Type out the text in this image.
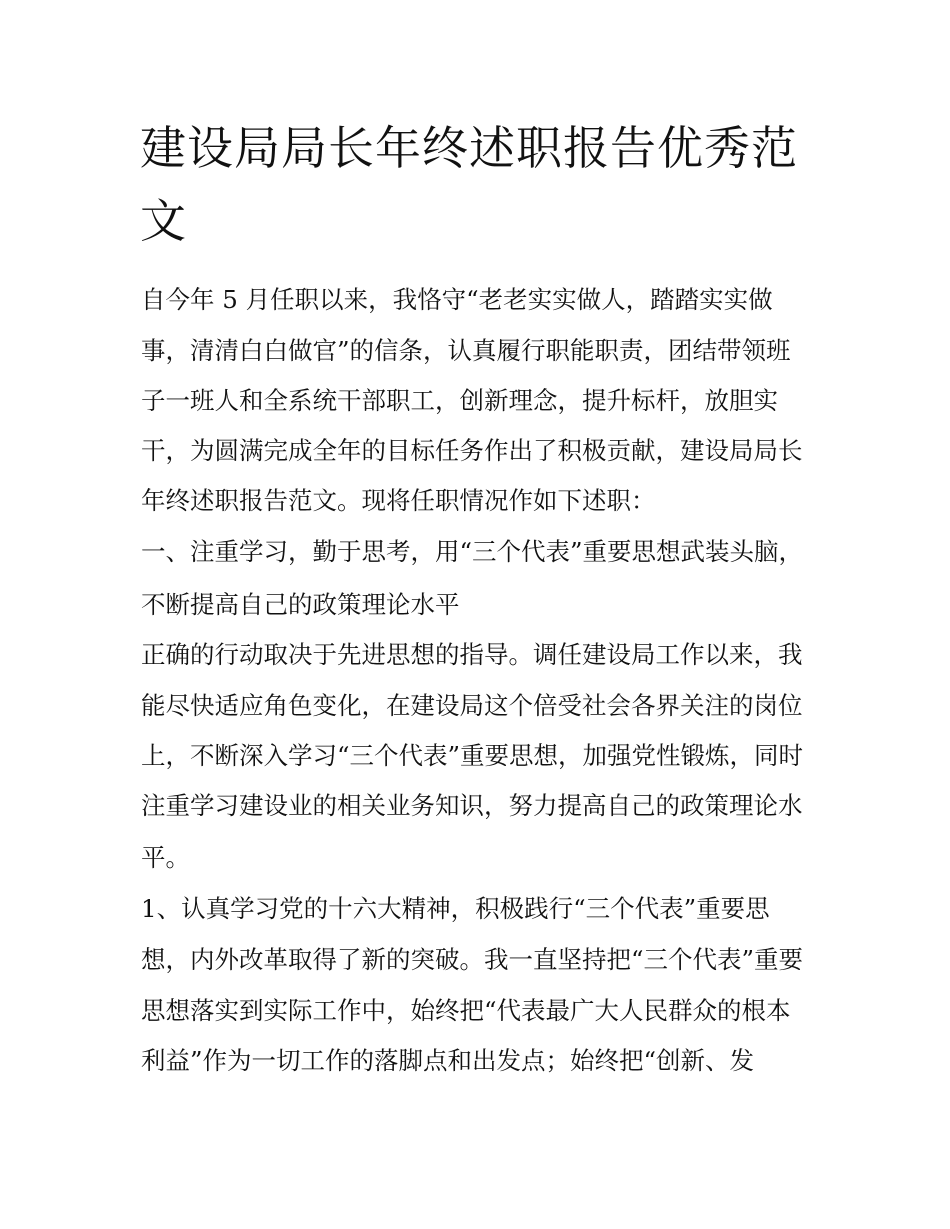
建设局局长年终述职报告优秀范文

自今年 5 月任职以来，我恪守“老老实实做人，踏踏实实做

事，清清白白做官”的信条，认真履行职能职责，团结带领班

子一班人和全系统干部职工，创新理念，提升标杆，放胆实

干，为圆满完成全年的目标任务作出了积极贡献，建设局局长

年终述职报告范文。现将任职情况作如下述职：

一、注重学习，勤于思考，用“三个代表”重要思想武装头脑，

不断提高自己的政策理论水平

正确的行动取决于先进思想的指导。调任建设局工作以来，我

能尽快适应角色变化，在建设局这个倍受社会各界关注的岗位

上，不断深入学习“三个代表”重要思想，加强党性锻炼，同时

注重学习建设业的相关业务知识，努力提高自己的政策理论水

平。

1、认真学习党的十六大精神，积极践行“三个代表”重要思

想，内外改革取得了新的突破。我一直坚持把“三个代表”重要

思想落实到实际工作中，始终把“代表最广大人民群众的根本

利益”作为一切工作的落脚点和出发点；始终把“创新、发
